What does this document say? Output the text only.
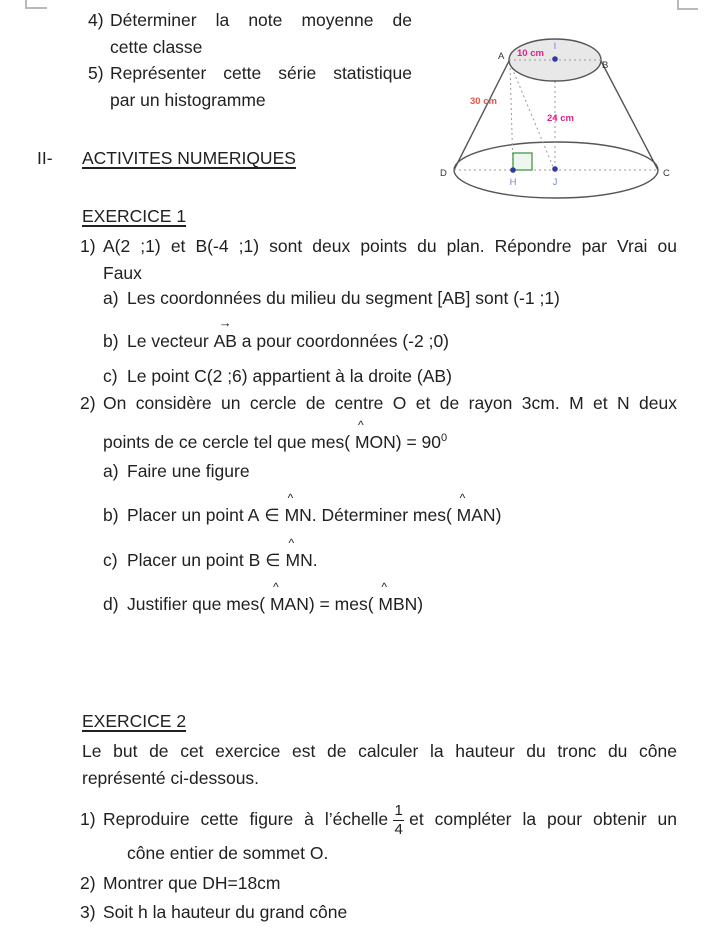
4) Déterminer la note moyenne de
cette classe
5) Représenter cette série statistique
par un histogramme
II-	ACTIVITES NUMERIQUES
EXERCICE 1
1) A(2 ;1) et B(-4 ;1) sont deux points du plan. Répondre par Vrai ou
Faux
a) Les coordonnées du milieu du segment [AB] sont (-1 ;1)
b) Le vecteur
→
AB a pour coordonnées (-2 ;0)
c) Le point C(2 ;6) appartient à la droite (AB)
2) On considère un cercle de centre O et de rayon 3cm. M et N deux
points de ce cercle tel que mes(
^
$MON) = 90^0$
a) Faire une figure
b) Placer un point A ∈
^
MN. Déterminer mes(
^
MAN)
c) Placer un point B ∈
^
MN.
d) Justifier que mes(
^
MAN) = mes(
^
MBN)
EXERCICE 2
Le but de cet exercice est de calculer la hauteur du tronc du cône
représenté ci-dessous.
1) Reproduire cette figure à l’échelle $\frac{1}{4}$ et compléter la pour obtenir un
cône entier de sommet O.
2) Montrer que DH=18cm
3) Soit h la hauteur du grand cône
A
B
C
D
I
H	J
10 cm
30 cm
24 cm
